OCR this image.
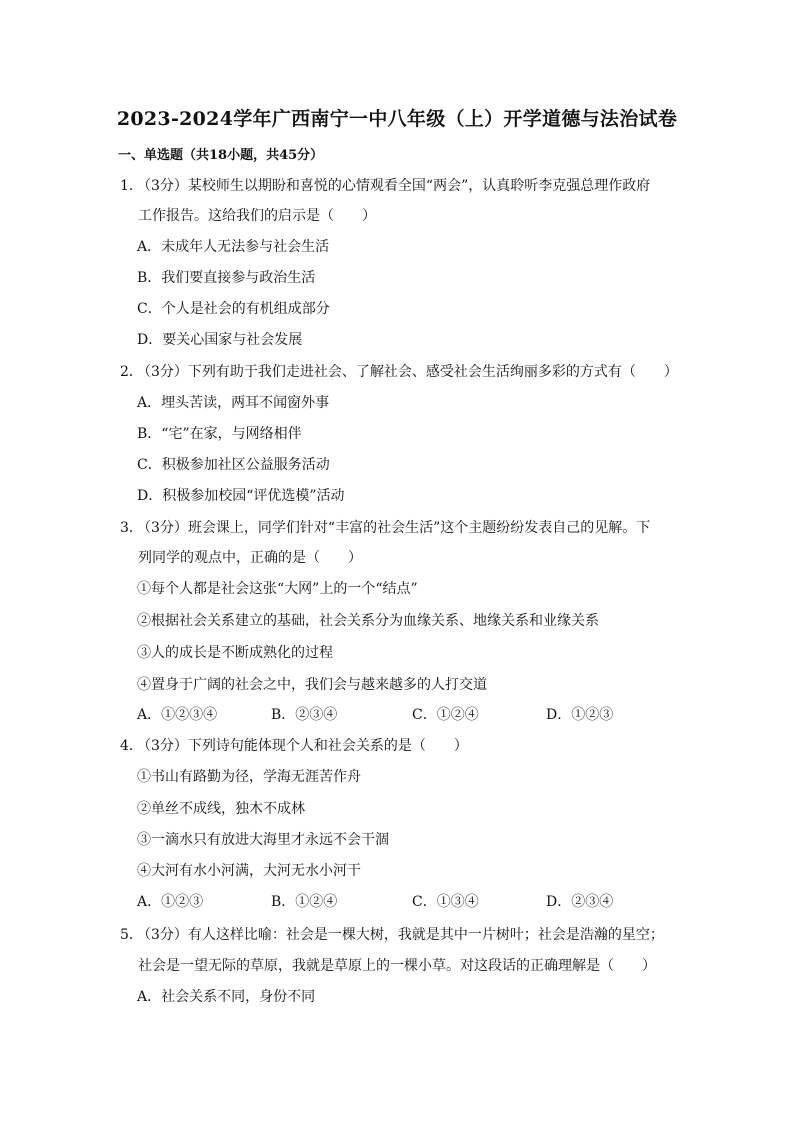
2023-2024学年广西南宁一中八年级（上）开学道德与法治试卷
一、单选题（共18小题，共45分）
1．
（3分）某校师生以期盼和喜悦的心情观看全国“两会”，认真聆听李克强总理作政府
工作报告。这给我们的启示是（　　）
A．未成年人无法参与社会生活
B．我们要直接参与政治生活
C．个人是社会的有机组成部分
D．要关心国家与社会发展
2．
（3分）下列有助于我们走进社会、了解社会、感受社会生活绚丽多彩的方式有（　　）
A．埋头苦读，两耳不闻窗外事
B．“宅”在家，与网络相伴
C．积极参加社区公益服务活动
D．积极参加校园“评优选模”活动
3．
（3分）班会课上，同学们针对“丰富的社会生活”这个主题纷纷发表自己的见解。下
列同学的观点中，正确的是（　　）
①每个人都是社会这张“大网”上的一个“结点”
②根据社会关系建立的基础，社会关系分为血缘关系、地缘关系和业缘关系
③人的成长是不断成熟化的过程
④置身于广阔的社会之中，我们会与越来越多的人打交道
A．①②③④	B．②③④	C．①②④	D．①②③
4．
（3分）下列诗句能体现个人和社会关系的是（　　）
①书山有路勤为径，学海无涯苦作舟
②单丝不成线，独木不成林
③一滴水只有放进大海里才永远不会干涸
④大河有水小河满，大河无水小河干
A．①②③	B．①②④	C．①③④	D．②③④
5．
（3分）有人这样比喻：社会是一棵大树，我就是其中一片树叶；社会是浩瀚的星空；
社会是一望无际的草原，我就是草原上的一棵小草。对这段话的正确理解是（　　）
A．社会关系不同，身份不同
